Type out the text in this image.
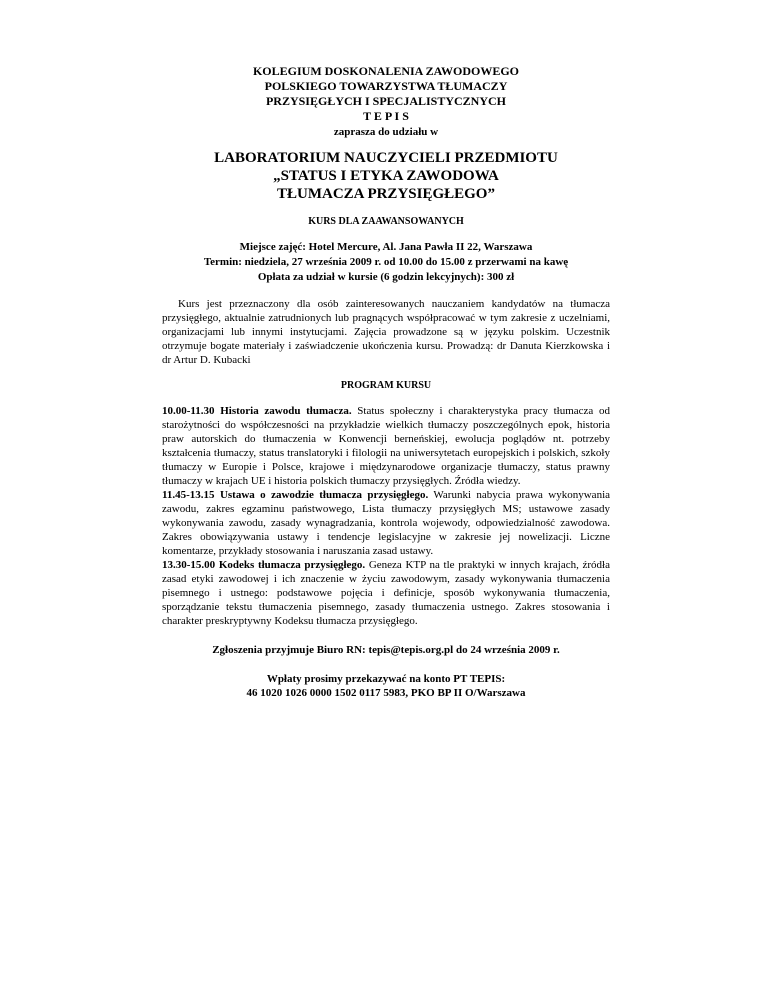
KOLEGIUM DOSKONALENIA ZAWODOWEGO
POLSKIEGO TOWARZYSTWA TŁUMACZY
PRZYSIĘGŁYCH I SPECJALISTYCZNYCH
T E P I S
zaprasza do udziału w
LABORATORIUM NAUCZYCIELI PRZEDMIOTU
„STATUS I ETYKA ZAWODOWA
TŁUMACZA PRZYSIĘGŁEGO”
KURS DLA ZAAWANSOWANYCH
Miejsce zajęć: Hotel Mercure, Al. Jana Pawła II 22, Warszawa
Termin: niedziela, 27 września 2009 r. od 10.00 do 15.00 z przerwami na kawę
Opłata za udział w kursie (6 godzin lekcyjnych): 300 zł
Kurs jest przeznaczony dla osób zainteresowanych nauczaniem kandydatów na tłumacza przysięgłego, aktualnie zatrudnionych lub pragnących współpracować w tym zakresie z uczelniami, organizacjami lub innymi instytucjami. Zajęcia prowadzone są w języku polskim. Uczestnik otrzymuje bogate materiały i zaświadczenie ukończenia kursu. Prowadzą: dr Danuta Kierzkowska i dr Artur D. Kubacki
PROGRAM KURSU

10.00-11.30 Historia zawodu tłumacza. Status społeczny i charakterystyka pracy tłumacza od starożytności do współczesności na przykładzie wielkich tłumaczy poszczególnych epok, historia praw autorskich do tłumaczenia w Konwencji berneńskiej, ewolucja poglądów nt. potrzeby kształcenia tłumaczy, status translatoryki i filologii na uniwersytetach europejskich i polskich, szkoły tłumaczy w Europie i Polsce, krajowe i międzynarodowe organizacje tłumaczy, status prawny tłumaczy w krajach UE i historia polskich tłumaczy przysięgłych. Źródła wiedzy.

11.45-13.15 Ustawa o zawodzie tłumacza przysięgłego. Warunki nabycia prawa wykonywania zawodu, zakres egzaminu państwowego, Lista tłumaczy przysięgłych MS; ustawowe zasady wykonywania zawodu, zasady wynagradzania, kontrola wojewody, odpowiedzialność zawodowa. Zakres obowiązywania ustawy i tendencje legislacyjne w zakresie jej nowelizacji. Liczne komentarze, przykłady stosowania i naruszania zasad ustawy.

13.30-15.00 Kodeks tłumacza przysięgłego. Geneza KTP na tle praktyki w innych krajach, źródła zasad etyki zawodowej i ich znaczenie w życiu zawodowym, zasady wykonywania tłumaczenia pisemnego i ustnego: podstawowe pojęcia i definicje, sposób wykonywania tłumaczenia, sporządzanie tekstu tłumaczenia pisemnego, zasady tłumaczenia ustnego. Zakres stosowania i charakter preskryptywny Kodeksu tłumacza przysięgłego.

Zgłoszenia przyjmuje Biuro RN: tepis@tepis.org.pl do 24 września 2009 r.
Wpłaty prosimy przekazywać na konto PT TEPIS:
46 1020 1026 0000 1502 0117 5983, PKO BP II O/Warszawa
